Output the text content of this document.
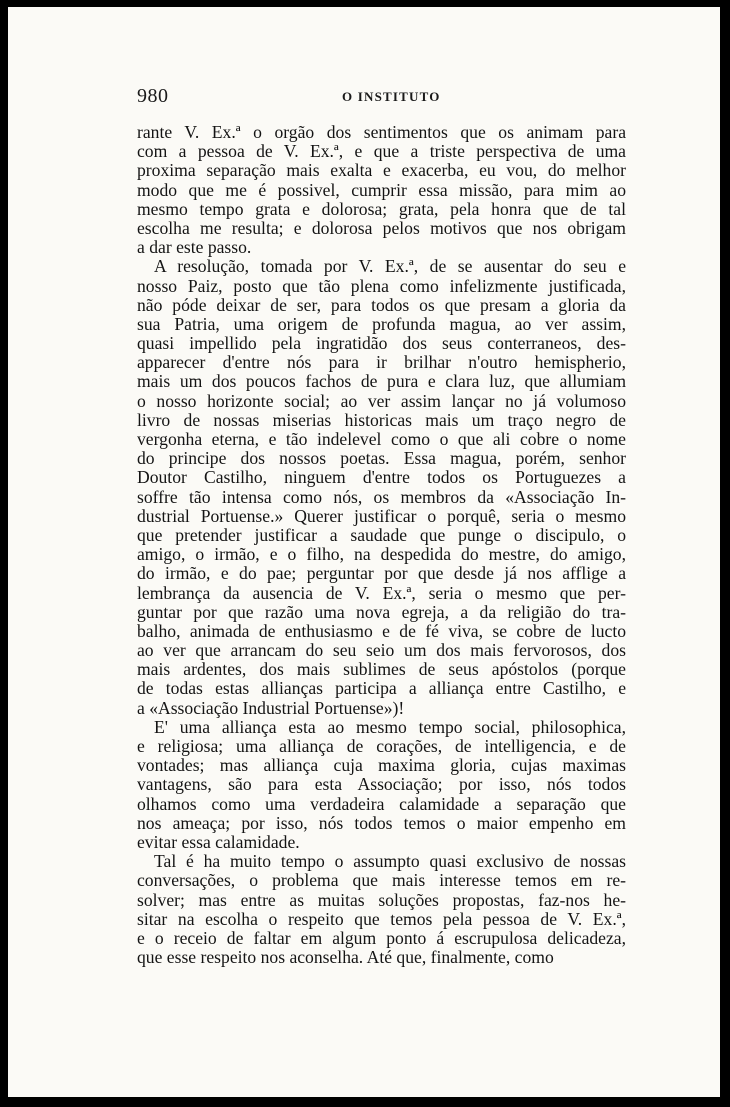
980	O INSTITUTO
rante V. Ex.ª o orgão dos sentimentos que os animam para
com a pessoa de V. Ex.ª, e que a triste perspectiva de uma
proxima separação mais exalta e exacerba, eu vou, do melhor
modo que me é possivel, cumprir essa missão, para mim ao
mesmo tempo grata e dolorosa; grata, pela honra que de tal
escolha me resulta; e dolorosa pelos motivos que nos obrigam
a dar este passo.
A resolução, tomada por V. Ex.ª, de se ausentar do seu e
nosso Paiz, posto que tão plena como infelizmente justificada,
não póde deixar de ser, para todos os que presam a gloria da
sua Patria, uma origem de profunda magua, ao ver assim,
quasi impellido pela ingratidão dos seus conterraneos, des-
apparecer d'entre nós para ir brilhar n'outro hemispherio,
mais um dos poucos fachos de pura e clara luz, que allumiam
o nosso horizonte social; ao ver assim lançar no já volumoso
livro de nossas miserias historicas mais um traço negro de
vergonha eterna, e tão indelevel como o que ali cobre o nome
do principe dos nossos poetas. Essa magua, porém, senhor
Doutor Castilho, ninguem d'entre todos os Portuguezes a
soffre tão intensa como nós, os membros da «Associação In-
dustrial Portuense.» Querer justificar o porquê, seria o mesmo
que pretender justificar a saudade que punge o discipulo, o
amigo, o irmão, e o filho, na despedida do mestre, do amigo,
do irmão, e do pae; perguntar por que desde já nos afflige a
lembrança da ausencia de V. Ex.ª, seria o mesmo que per-
guntar por que razão uma nova egreja, a da religião do tra-
balho, animada de enthusiasmo e de fé viva, se cobre de lucto
ao ver que arrancam do seu seio um dos mais fervorosos, dos
mais ardentes, dos mais sublimes de seus apóstolos (porque
de todas estas allianças participa a alliança entre Castilho, e
a «Associação Industrial Portuense»)!
E' uma alliança esta ao mesmo tempo social, philosophica,
e religiosa; uma alliança de corações, de intelligencia, e de
vontades; mas alliança cuja maxima gloria, cujas maximas
vantagens, são para esta Associação; por isso, nós todos
olhamos como uma verdadeira calamidade a separação que
nos ameaça; por isso, nós todos temos o maior empenho em
evitar essa calamidade.
Tal é ha muito tempo o assumpto quasi exclusivo de nossas
conversações, o problema que mais interesse temos em re-
solver; mas entre as muitas soluções propostas, faz-nos he-
sitar na escolha o respeito que temos pela pessoa de V. Ex.ª,
e o receio de faltar em algum ponto á escrupulosa delicadeza,
que esse respeito nos aconselha. Até que, finalmente, como
